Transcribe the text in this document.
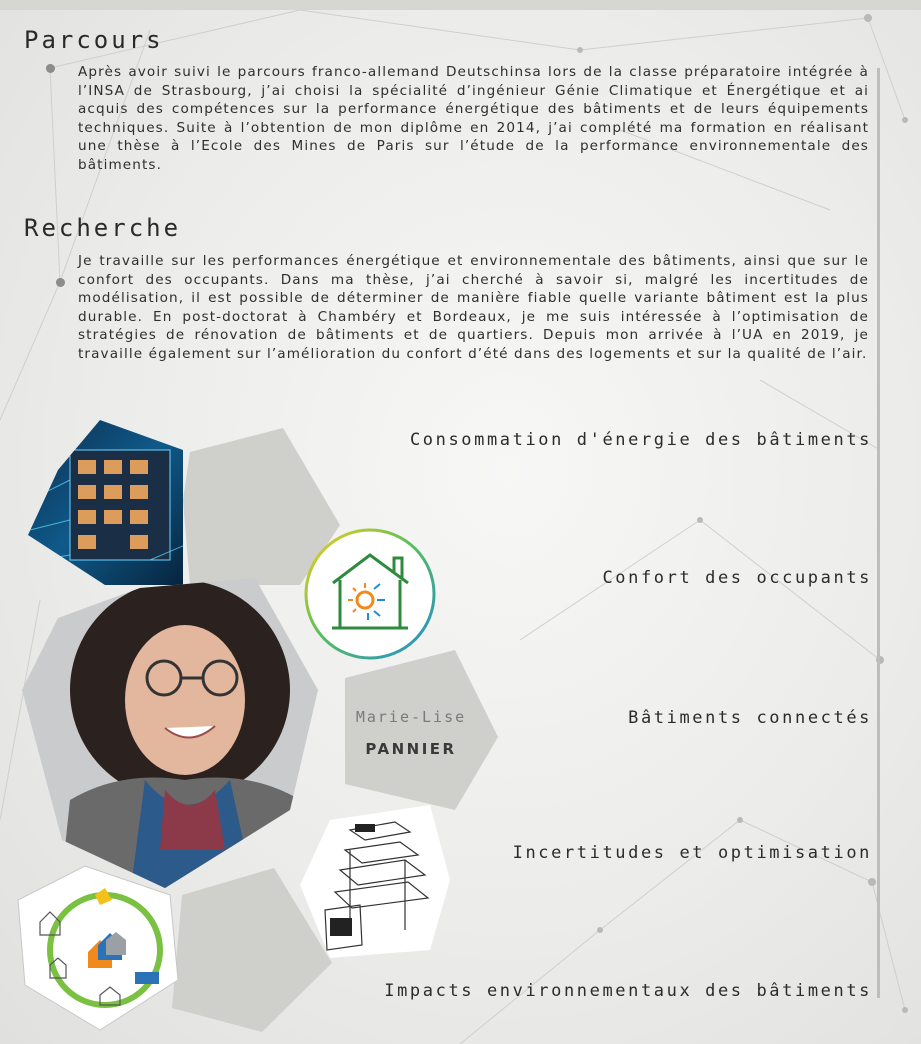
Parcours

Après avoir suivi le parcours franco-allemand Deutschinsa lors de la classe préparatoire intégrée à l’INSA de Strasbourg, j’ai choisi la spécialité d’ingénieur Génie Climatique et Énergétique et ai acquis des compétences sur la performance énergétique des bâtiments et de leurs équipements techniques. Suite à l’obtention de mon diplôme en 2014, j’ai complété ma formation en réalisant une thèse à l’Ecole des Mines de Paris sur l’étude de la performance environnementale des bâtiments.

Recherche

Je travaille sur les performances énergétique et environnementale des bâtiments, ainsi que sur le confort des occupants. Dans ma thèse, j’ai cherché à savoir si, malgré les incertitudes de modélisation, il est possible de déterminer de manière fiable quelle variante bâtiment est la plus durable. En post-doctorat à Chambéry et Bordeaux, je me suis intéressée à l’optimisation de stratégies de rénovation de bâtiments et de quartiers. Depuis mon arrivée à l’UA en 2019, je travaille également sur l’amélioration du confort d’été dans des logements et sur la qualité de l’air.

Consommation d'énergie des bâtiments
Confort des occupants
Bâtiments connectés
Incertitudes et optimisation
Impacts environnementaux des bâtiments
Marie-Lise
PANNIER
